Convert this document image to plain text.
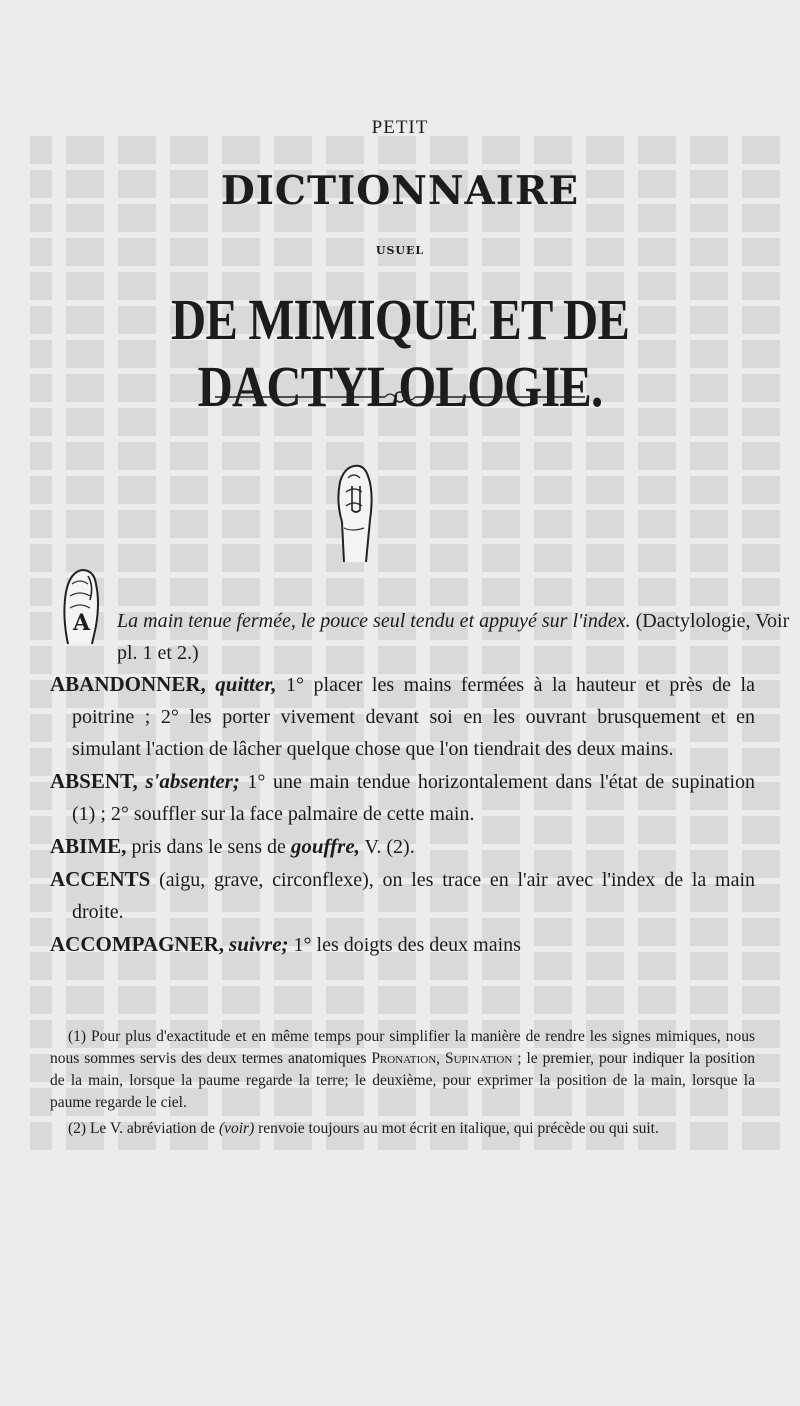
PETIT
DICTIONNAIRE
USUEL
DE MIMIQUE ET DE DACTYLOLOGIE.
A	La main tenue fermée, le pouce seul tendu et appuyé sur l'index. (Dactylologie, Voir pl. 1 et 2.)

ABANDONNER, quitter, 1° placer les mains fermées à la hauteur et près de la poitrine ; 2° les porter vivement devant soi en les ouvrant brusquement et en simulant l'action de lâcher quelque chose que l'on tiendrait des deux mains.

ABSENT, s'absenter; 1° une main tendue horizontalement dans l'état de supination (1) ; 2° souffler sur la face palmaire de cette main.

ABIME, pris dans le sens de gouffre, V. (2).

ACCENTS (aigu, grave, circonflexe), on les trace en l'air avec l'index de la main droite.

ACCOMPAGNER, suivre; 1° les doigts des deux mains

(1) Pour plus d'exactitude et en même temps pour simplifier la manière de rendre les signes mimiques, nous nous sommes servis des deux termes anatomiques Pronation, Supination ; le premier, pour indiquer la position de la main, lorsque la paume regarde la terre; le deuxième, pour exprimer la position de la main, lorsque la paume regarde le ciel.

(2) Le V. abréviation de (voir) renvoie toujours au mot écrit en italique, qui précède ou qui suit.
